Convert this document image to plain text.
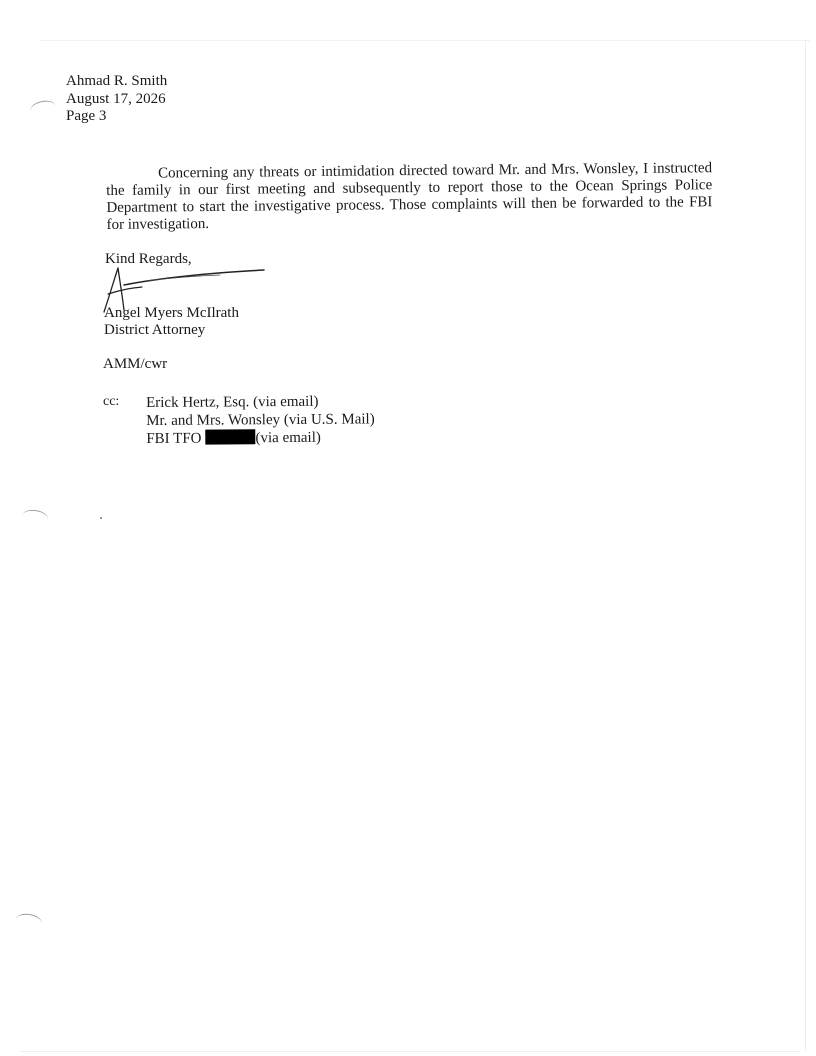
Ahmad R. Smith
August 17, 2026
Page 3

Concerning any threats or intimidation directed toward Mr. and Mrs. Wonsley, I instructed the family in our first meeting and subsequently to report those to the Ocean Springs Police Department to start the investigative process. Those complaints will then be forwarded to the FBI for investigation.

Kind Regards,
Angel Myers McIlrath
District Attorney
AMM/cwr
cc: Erick Hertz, Esq. (via email)
Mr. and Mrs. Wonsley (via U.S. Mail)
FBI TFO	(via email)
